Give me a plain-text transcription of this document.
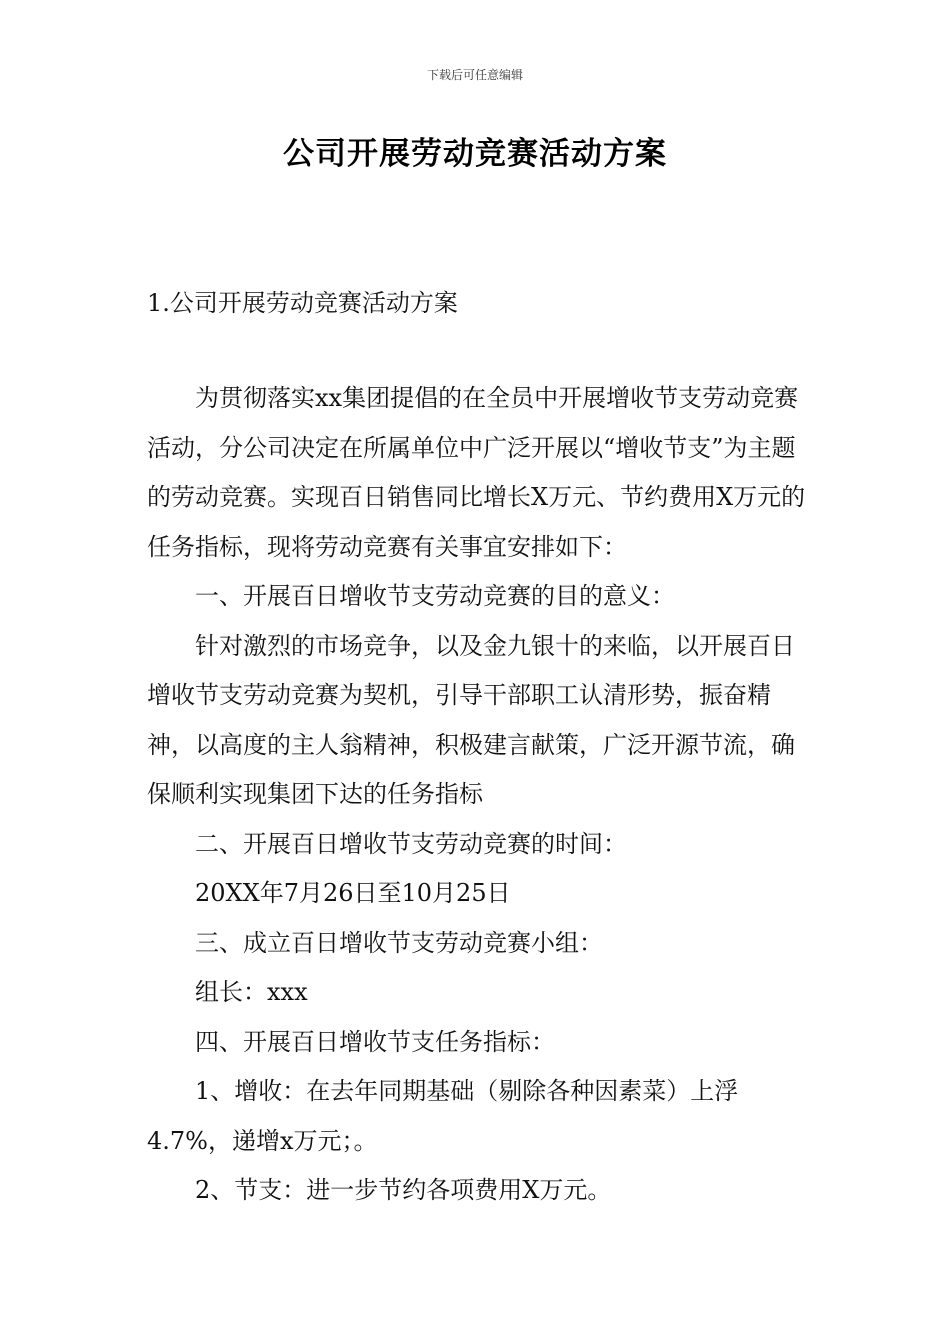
下载后可任意编辑
公司开展劳动竞赛活动方案
1.公司开展劳动竞赛活动方案

为贯彻落实xx集团提倡的在全员中开展增收节支劳动竞赛活动，分公司决定在所属单位中广泛开展以“增收节支”为主题的劳动竞赛。实现百日销售同比增长X万元、节约费用X万元的任务指标，现将劳动竞赛有关事宜安排如下：

一、开展百日增收节支劳动竞赛的目的意义：

针对激烈的市场竞争，以及金九银十的来临，以开展百日增收节支劳动竞赛为契机，引导干部职工认清形势，振奋精神，以高度的主人翁精神，积极建言献策，广泛开源节流，确保顺利实现集团下达的任务指标

二、开展百日增收节支劳动竞赛的时间：

20XX年7月26日至10月25日

三、成立百日增收节支劳动竞赛小组：

组长：xxx

四、开展百日增收节支任务指标：

1、增收：在去年同期基础（剔除各种因素菜）上浮4.7%，递增x万元；。

2、节支：进一步节约各项费用X万元。
